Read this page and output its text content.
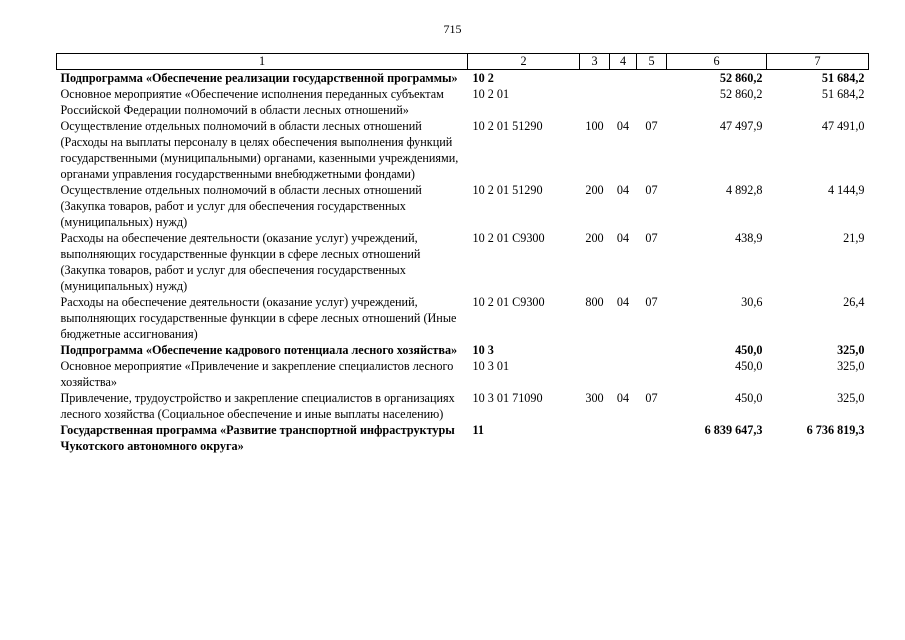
715
1	2	3	4	5	6	7
Подпрограмма «Обеспечение реализации государственной программы»	10 2				52 860,2	51 684,2
Основное мероприятие «Обеспечение исполнения переданных субъектам Российской Федерации полномочий в области лесных отношений»	10 2 01				52 860,2	51 684,2
Осуществление отдельных полномочий в области лесных отношений (Расходы на выплаты персоналу в целях обеспечения выполнения функций государственными (муниципальными) органами, казенными учреждениями, органами управления государственными внебюджетными фондами)	10 2 01 51290	100	04	07	47 497,9	47 491,0
Осуществление отдельных полномочий в области лесных отношений (Закупка товаров, работ и услуг для обеспечения государственных (муниципальных) нужд)	10 2 01 51290	200	04	07	4 892,8	4 144,9
Расходы на обеспечение деятельности (оказание услуг) учреждений, выполняющих государственные функции в сфере лесных отношений (Закупка товаров, работ и услуг для обеспечения государственных (муниципальных) нужд)	10 2 01 С9300	200	04	07	438,9	21,9
Расходы на обеспечение деятельности (оказание услуг) учреждений, выполняющих государственные функции в сфере лесных отношений (Иные бюджетные ассигнования)	10 2 01 С9300	800	04	07	30,6	26,4
Подпрограмма «Обеспечение кадрового потенциала лесного хозяйства»	10 3				450,0	325,0
Основное мероприятие «Привлечение и закрепление специалистов лесного хозяйства»	10 3 01				450,0	325,0
Привлечение, трудоустройство и закрепление специалистов в организациях лесного хозяйства (Социальное обеспечение и иные выплаты населению)	10 3 01 71090	300	04	07	450,0	325,0
Государственная программа «Развитие транспортной инфраструктуры Чукотского автономного округа»	11				6 839 647,3	6 736 819,3
